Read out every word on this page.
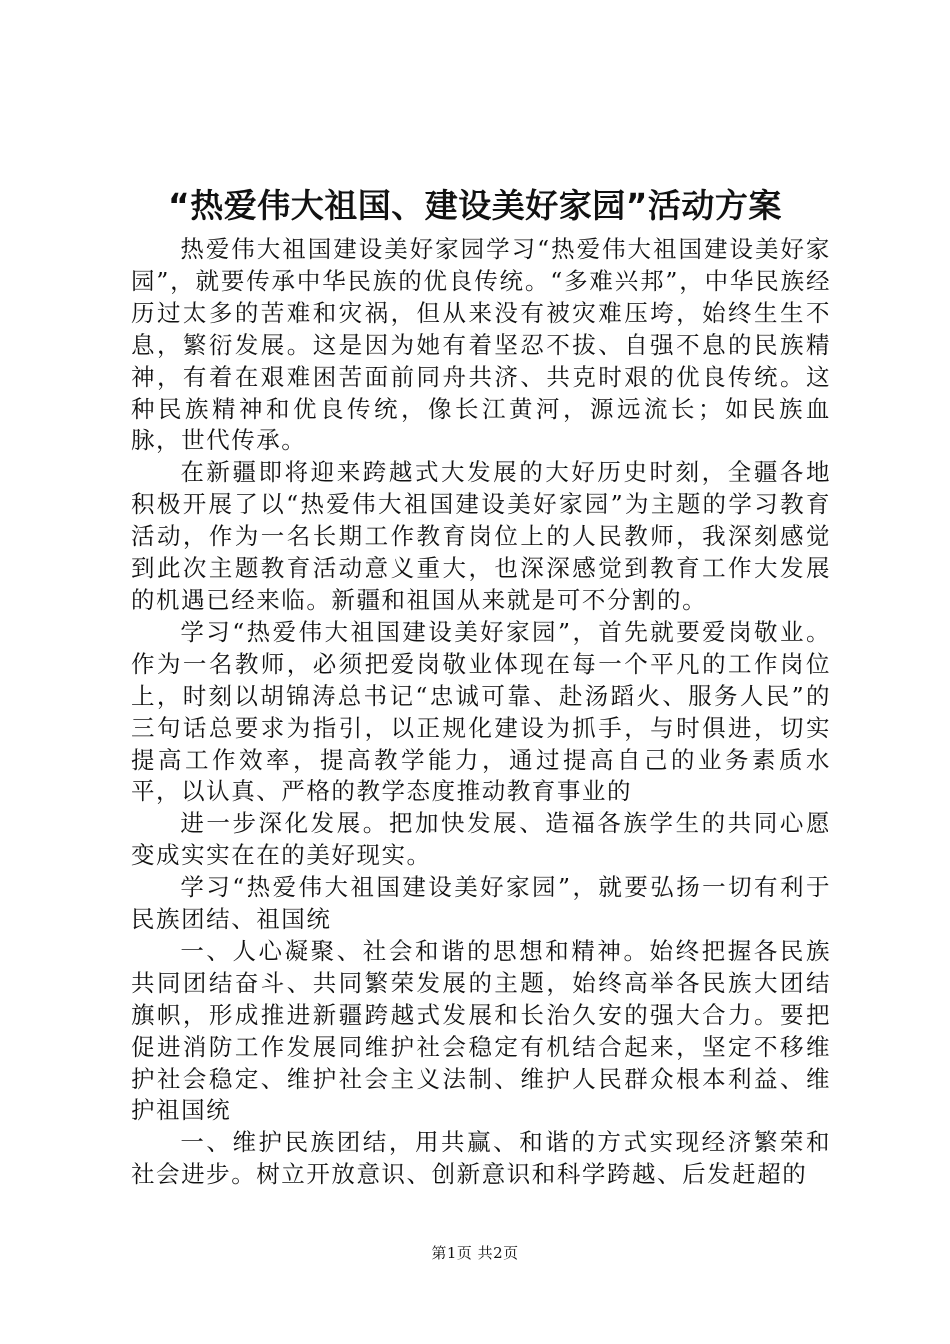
“热爱伟大祖国、建设美好家园”活动方案

热爱伟大祖国建设美好家园学习“热爱伟大祖国建设美好家园”，就要传承中华民族的优良传统。“多难兴邦”，中华民族经历过太多的苦难和灾祸，但从来没有被灾难压垮，始终生生不息，繁衍发展。这是因为她有着坚忍不拔、自强不息的民族精神，有着在艰难困苦面前同舟共济、共克时艰的优良传统。这种民族精神和优良传统，像长江黄河，源远流长；如民族血脉，世代传承。

在新疆即将迎来跨越式大发展的大好历史时刻，全疆各地积极开展了以“热爱伟大祖国建设美好家园”为主题的学习教育活动，作为一名长期工作教育岗位上的人民教师，我深刻感觉到此次主题教育活动意义重大，也深深感觉到教育工作大发展的机遇已经来临。新疆和祖国从来就是可不分割的。

学习“热爱伟大祖国建设美好家园”，首先就要爱岗敬业。作为一名教师，必须把爱岗敬业体现在每一个平凡的工作岗位上，时刻以胡锦涛总书记“忠诚可靠、赴汤蹈火、服务人民”的三句话总要求为指引，以正规化建设为抓手，与时俱进，切实提高工作效率，提高教学能力，通过提高自己的业务素质水平，以认真、严格的教学态度推动教育事业的

进一步深化发展。把加快发展、造福各族学生的共同心愿变成实实在在的美好现实。

学习“热爱伟大祖国建设美好家园”，就要弘扬一切有利于民族团结、祖国统

一、人心凝聚、社会和谐的思想和精神。始终把握各民族共同团结奋斗、共同繁荣发展的主题，始终高举各民族大团结旗帜，形成推进新疆跨越式发展和长治久安的强大合力。要把促进消防工作发展同维护社会稳定有机结合起来，坚定不移维护社会稳定、维护社会主义法制、维护人民群众根本利益、维护祖国统

一、维护民族团结，用共赢、和谐的方式实现经济繁荣和社会进步。树立开放意识、创新意识和科学跨越、后发赶超的

第1页 共2页
